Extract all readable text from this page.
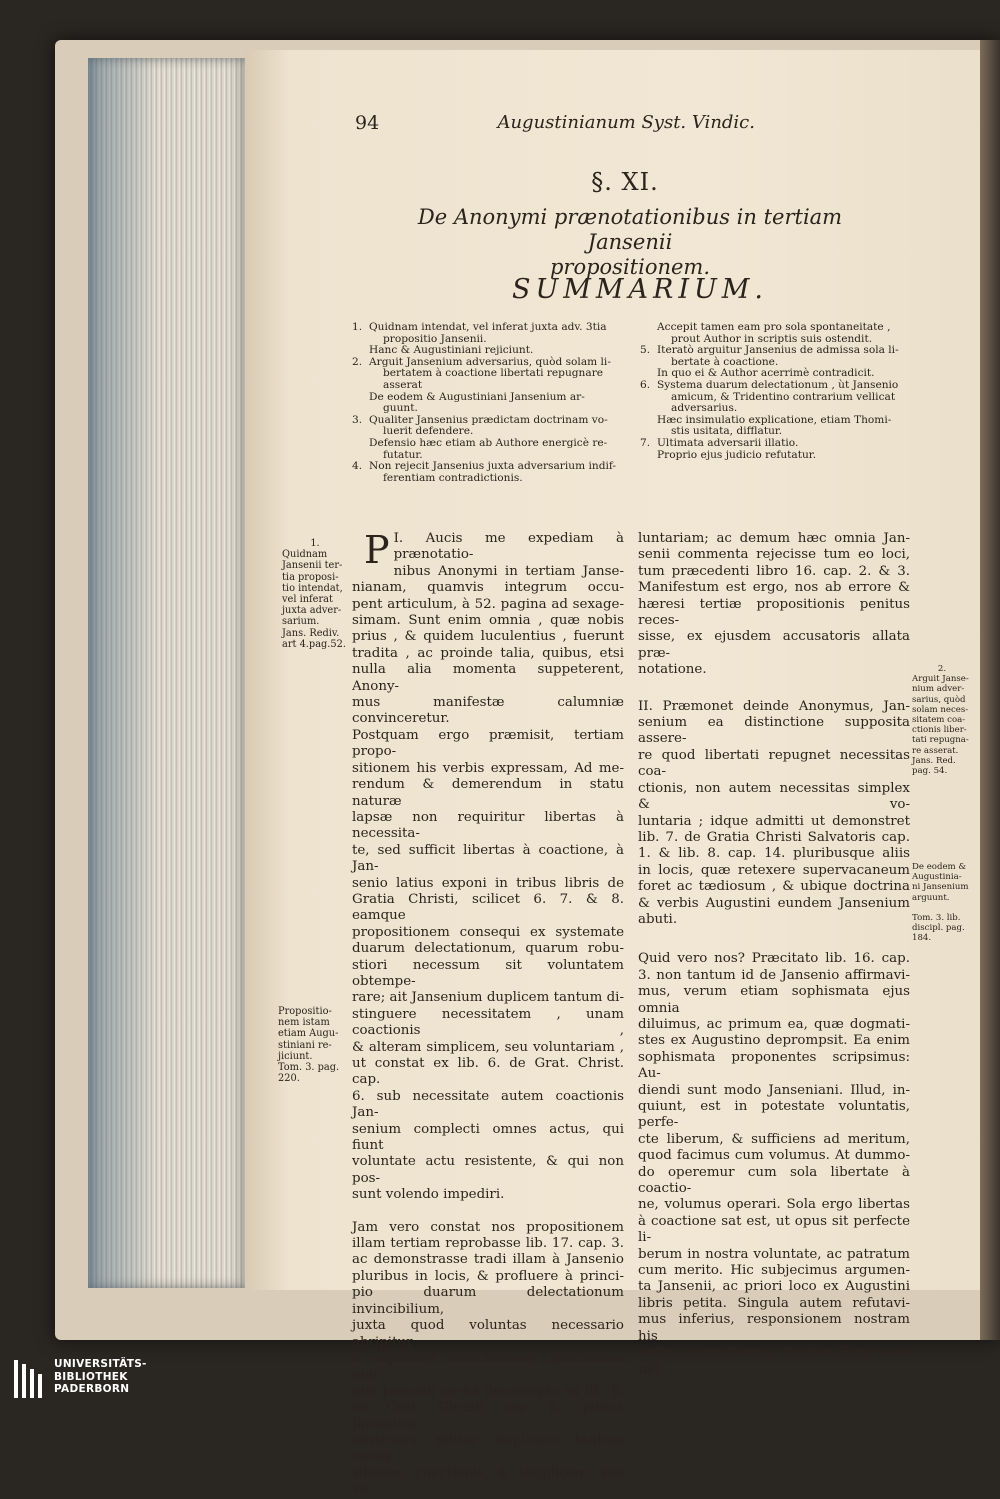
94	Augustinianum Syst. Vindic.
§. XI.
De Anonymi prænotationibus in tertiam Jansenii
propositionem.
SUMMARIUM.
1. Quidnam intendat, vel inferat juxta adv. 3tia
propositio Jansenii.
Hanc & Augustiniani rejiciunt.
2. Arguit Jansenium adversarius, quòd solam li-
bertatem à coactione libertati repugnare
asserat
De eodem & Augustiniani Jansenium ar-
guunt.
3. Qualiter Jansenius prædictam doctrinam vo-
luerit defendere.
Defensio hæc etiam ab Authore energicè re-
futatur.
4. Non rejecit Jansenius juxta adversarium indif-
ferentiam contradictionis.
Accepit tamen eam pro sola spontaneitate ,
prout Author in scriptis suis ostendit.
5. Iteratò arguitur Jansenius de admissa sola li-
bertate à coactione.
In quo ei & Author acerrimè contradicit.
6. Systema duarum delectationum , ùt Jansenio
amicum, & Tridentino contrarium vellicat
adversarius.
Hæc insimulatio explicatione, etiam Thomi-
stis usitata, difflatur.
7. Ultimata adversarii illatio.
Proprio ejus judicio refutatur.

P I. Aucis me expediam à prænotatio-
nibus Anonymi in tertiam Janse-
nianam, quamvis integrum occu-
pent articulum, à 52. pagina ad sexage-
simam. Sunt enim omnia , quæ nobis
prius , & quidem luculentius , fuerunt
tradita , ac proinde talia, quibus, etsi
nulla alia momenta suppeterent, Anony-
mus manifestæ calumniæ convinceretur.
Postquam ergo præmisit, tertiam propo-
sitionem his verbis expressam, Ad me-
rendum & demerendum in statu naturæ
lapsæ non requiritur libertas à necessita-
te, sed sufficit libertas à coactione, à Jan-
senio latius exponi in tribus libris de
Gratia Christi, scilicet 6. 7. & 8. eamque
propositionem consequi ex systemate
duarum delectationum, quarum robu-
stiori necessum sit voluntatem obtempe-
rare; ait Jansenium duplicem tantum di-
stinguere necessitatem , unam coactionis ,
& alteram simplicem, seu voluntariam ,
ut constat ex lib. 6. de Grat. Christ. cap.
6. sub necessitate autem coactionis Jan-
senium complecti omnes actus, qui fiunt
voluntate actu resistente, & qui non pos-
sunt volendo impediri.

Jam vero constat nos propositionem
illam tertiam reprobasse lib. 17. cap. 3.
ac demonstrasse tradi illam à Jansenio
pluribus in locis, & profluere à princi-
pio duarum delectationum invincibilium,
juxta quod voluntas necessario abripitur
à superiori delectatione, produxisse quo-
que Jansenii verba deprompta ex lib. 6.
de Grat. Christi cap. 6. quibus Jansenius
adstruere nititur duplicem tantum neces-
sitatem, coactionis, & simplicem, seu vo-

luntariam; ac demum hæc omnia Jan-
senii commenta rejecisse tum eo loci,
tum præcedenti libro 16. cap. 2. & 3.
Manifestum est ergo, nos ab errore &
hæresi tertiæ propositionis penitus reces-
sisse, ex ejusdem accusatoris allata præ-
notatione.

II. Præmonet deinde Anonymus, Jan-
senium ea distinctione supposita assere-
re quod libertati repugnet necessitas coa-
ctionis, non autem necessitas simplex & vo-
luntaria ; idque admitti ut demonstret
lib. 7. de Gratia Christi Salvatoris cap.
1. & lib. 8. cap. 14. pluribusque aliis
in locis, quæ retexere supervacaneum
foret ac tædiosum , & ubique doctrina
& verbis Augustini eundem Jansenium
abuti.

Quid vero nos? Præcitato lib. 16. cap.
3. non tantum id de Jansenio affirmavi-
mus, verum etiam sophismata ejus omnia
diluimus, ac primum ea, quæ dogmati-
stes ex Augustino deprompsit. Ea enim
sophismata proponentes scripsimus: Au-
diendi sunt modo Janseniani. Illud, in-
quiunt, est in potestate voluntatis, perfe-
cte liberum, & sufficiens ad meritum,
quod facimus cum volumus. At dummo-
do operemur cum sola libertate à coactio-
ne, volumus operari. Sola ergo libertas
à coactione sat est, ut opus sit perfecte li-
berum in nostra voluntate, ac patratum
cum merito. Hic subjecimus argumen-
ta Jansenii, ac priori loco ex Augustini
libris petita. Singula autem refutavi-
mus inferius, responsionem nostram his
verbis aggredientes: Hydram hanc sese
tali

1.
Quidnam
Jansenii ter-
tia proposi-
tio intendat,
vel inferat
juxta adver-
sarium.
Jans. Rediv.
art 4.pag.52.
Propositio-
nem istam
etiam Augu-
stiniani re-
jiciunt.
Tom. 3. pag.
220.
2.
Arguit Janse-
nium adver-
sarius, quòd
solam neces-
sitatem coa-
ctionis liber-
tati repugna-
re asserat.
Jans. Red.
pag. 54.
De eodem &
Augustinia-
ni Jansenium
arguunt.

Tom. 3. lib.
discipl. pag.
184.
UNIVERSITÄTS-
BIBLIOTHEK
PADERBORN
